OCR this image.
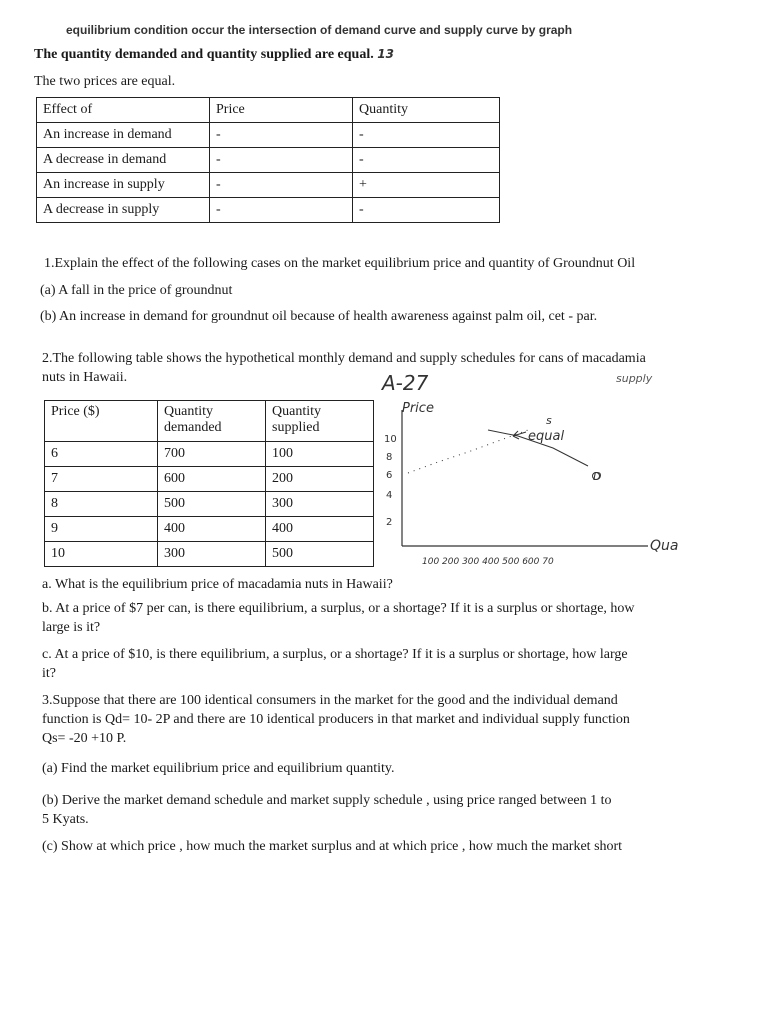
equilibrium condition occur the intersection of demand curve and supply curve by graph
The quantity demanded and quantity supplied are equal. 13
The two prices are equal.
Effect of	Price	Quantity
An increase in demand	-	-
A decrease in demand	-	-
An increase in supply	-	+
A decrease in supply	-	-
1.Explain the effect of the following cases on the market equilibrium price and quantity of Groundnut Oil
(a) A fall in the price of groundnut
(b) An increase in demand for groundnut oil because of health awareness against palm oil, cet - par.
2.The following table shows the hypothetical monthly demand and supply schedules for cans of macadamia
nuts in Hawaii.
Price ($)	Quantity demanded	Quantity supplied
6	700	100
7	600	200
8	500	300
9	400	400
10	300	500
A-27
Price
supply
s
equal
Qua
D
10
8
6
4
2
100 200 300 400 500 600 70
a. What is the equilibrium price of macadamia nuts in Hawaii?
b. At a price of $7 per can, is there equilibrium, a surplus, or a shortage? If it is a surplus or shortage, how
large is it?
c. At a price of $10, is there equilibrium, a surplus, or a shortage? If it is a surplus or shortage, how large
it?
3.Suppose that there are 100 identical consumers in the market for the good and the individual demand
function is Qd= 10- 2P and there are 10 identical producers in that market and individual supply function
Qs= -20 +10 P.
(a) Find the market equilibrium price and equilibrium quantity.
(b) Derive the market demand schedule and market supply schedule , using price ranged between 1 to
5 Kyats.
(c) Show at which price , how much the market surplus and at which price , how much the market short
